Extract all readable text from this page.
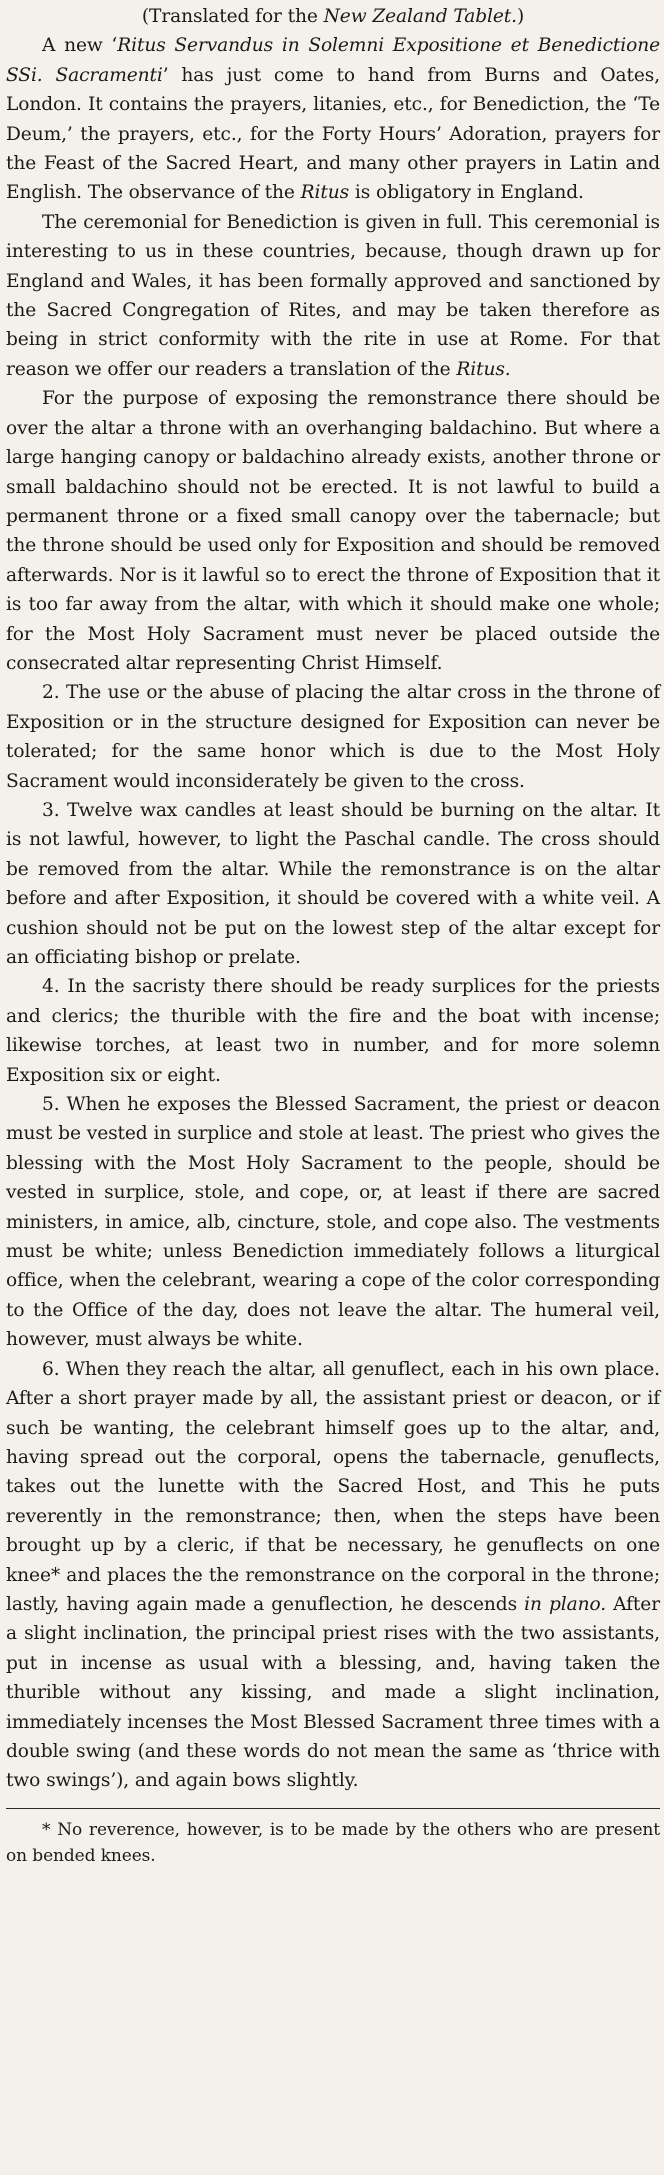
(Translated for the New Zealand Tablet.)

A new ‘Ritus Servandus in Solemni Expositione et Benedictione SSi. Sacramenti’ has just come to hand from Burns and Oates, London. It contains the prayers, litanies, etc., for Benediction, the ‘Te Deum,’ the prayers, etc., for the Forty Hours’ Adoration, prayers for the Feast of the Sacred Heart, and many other prayers in Latin and English. The observance of the Ritus is obligatory in England.

The ceremonial for Benediction is given in full. This ceremonial is interesting to us in these countries, because, though drawn up for England and Wales, it has been formally approved and sanctioned by the Sacred Congregation of Rites, and may be taken therefore as being in strict conformity with the rite in use at Rome. For that reason we offer our readers a translation of the Ritus.

For the purpose of exposing the remonstrance there should be over the altar a throne with an overhanging baldachino. But where a large hanging canopy or baldachino already exists, another throne or small baldachino should not be erected. It is not lawful to build a permanent throne or a fixed small canopy over the tabernacle; but the throne should be used only for Exposition and should be removed afterwards. Nor is it lawful so to erect the throne of Exposition that it is too far away from the altar, with which it should make one whole; for the Most Holy Sacrament must never be placed outside the consecrated altar representing Christ Himself.

2. The use or the abuse of placing the altar cross in the throne of Exposition or in the structure designed for Exposition can never be tolerated; for the same honor which is due to the Most Holy Sacrament would inconsiderately be given to the cross.

3. Twelve wax candles at least should be burning on the altar. It is not lawful, however, to light the Paschal candle. The cross should be removed from the altar. While the remonstrance is on the altar before and after Exposition, it should be covered with a white veil. A cushion should not be put on the lowest step of the altar except for an officiating bishop or prelate.

4. In the sacristy there should be ready surplices for the priests and clerics; the thurible with the fire and the boat with incense; likewise torches, at least two in number, and for more solemn Exposition six or eight.

5. When he exposes the Blessed Sacrament, the priest or deacon must be vested in surplice and stole at least. The priest who gives the blessing with the Most Holy Sacrament to the people, should be vested in surplice, stole, and cope, or, at least if there are sacred ministers, in amice, alb, cincture, stole, and cope also. The vestments must be white; unless Benediction immediately follows a liturgical office, when the celebrant, wearing a cope of the color corresponding to the Office of the day, does not leave the altar. The humeral veil, however, must always be white.

6. When they reach the altar, all genuflect, each in his own place. After a short prayer made by all, the assistant priest or deacon, or if such be wanting, the celebrant himself goes up to the altar, and, having spread out the corporal, opens the tabernacle, genuflects, takes out the lunette with the Sacred Host, and This he puts reverently in the remonstrance; then, when the steps have been brought up by a cleric, if that be necessary, he genuflects on one knee* and places the the remonstrance on the corporal in the throne; lastly, having again made a genuflection, he descends in plano. After a slight inclination, the principal priest rises with the two assistants, put in incense as usual with a blessing, and, having taken the thurible without any kissing, and made a slight inclination, immediately incenses the Most Blessed Sacrament three times with a double swing (and these words do not mean the same as ‘thrice with two swings’), and again bows slightly.

* No reverence, however, is to be made by the others who are present on bended knees.
